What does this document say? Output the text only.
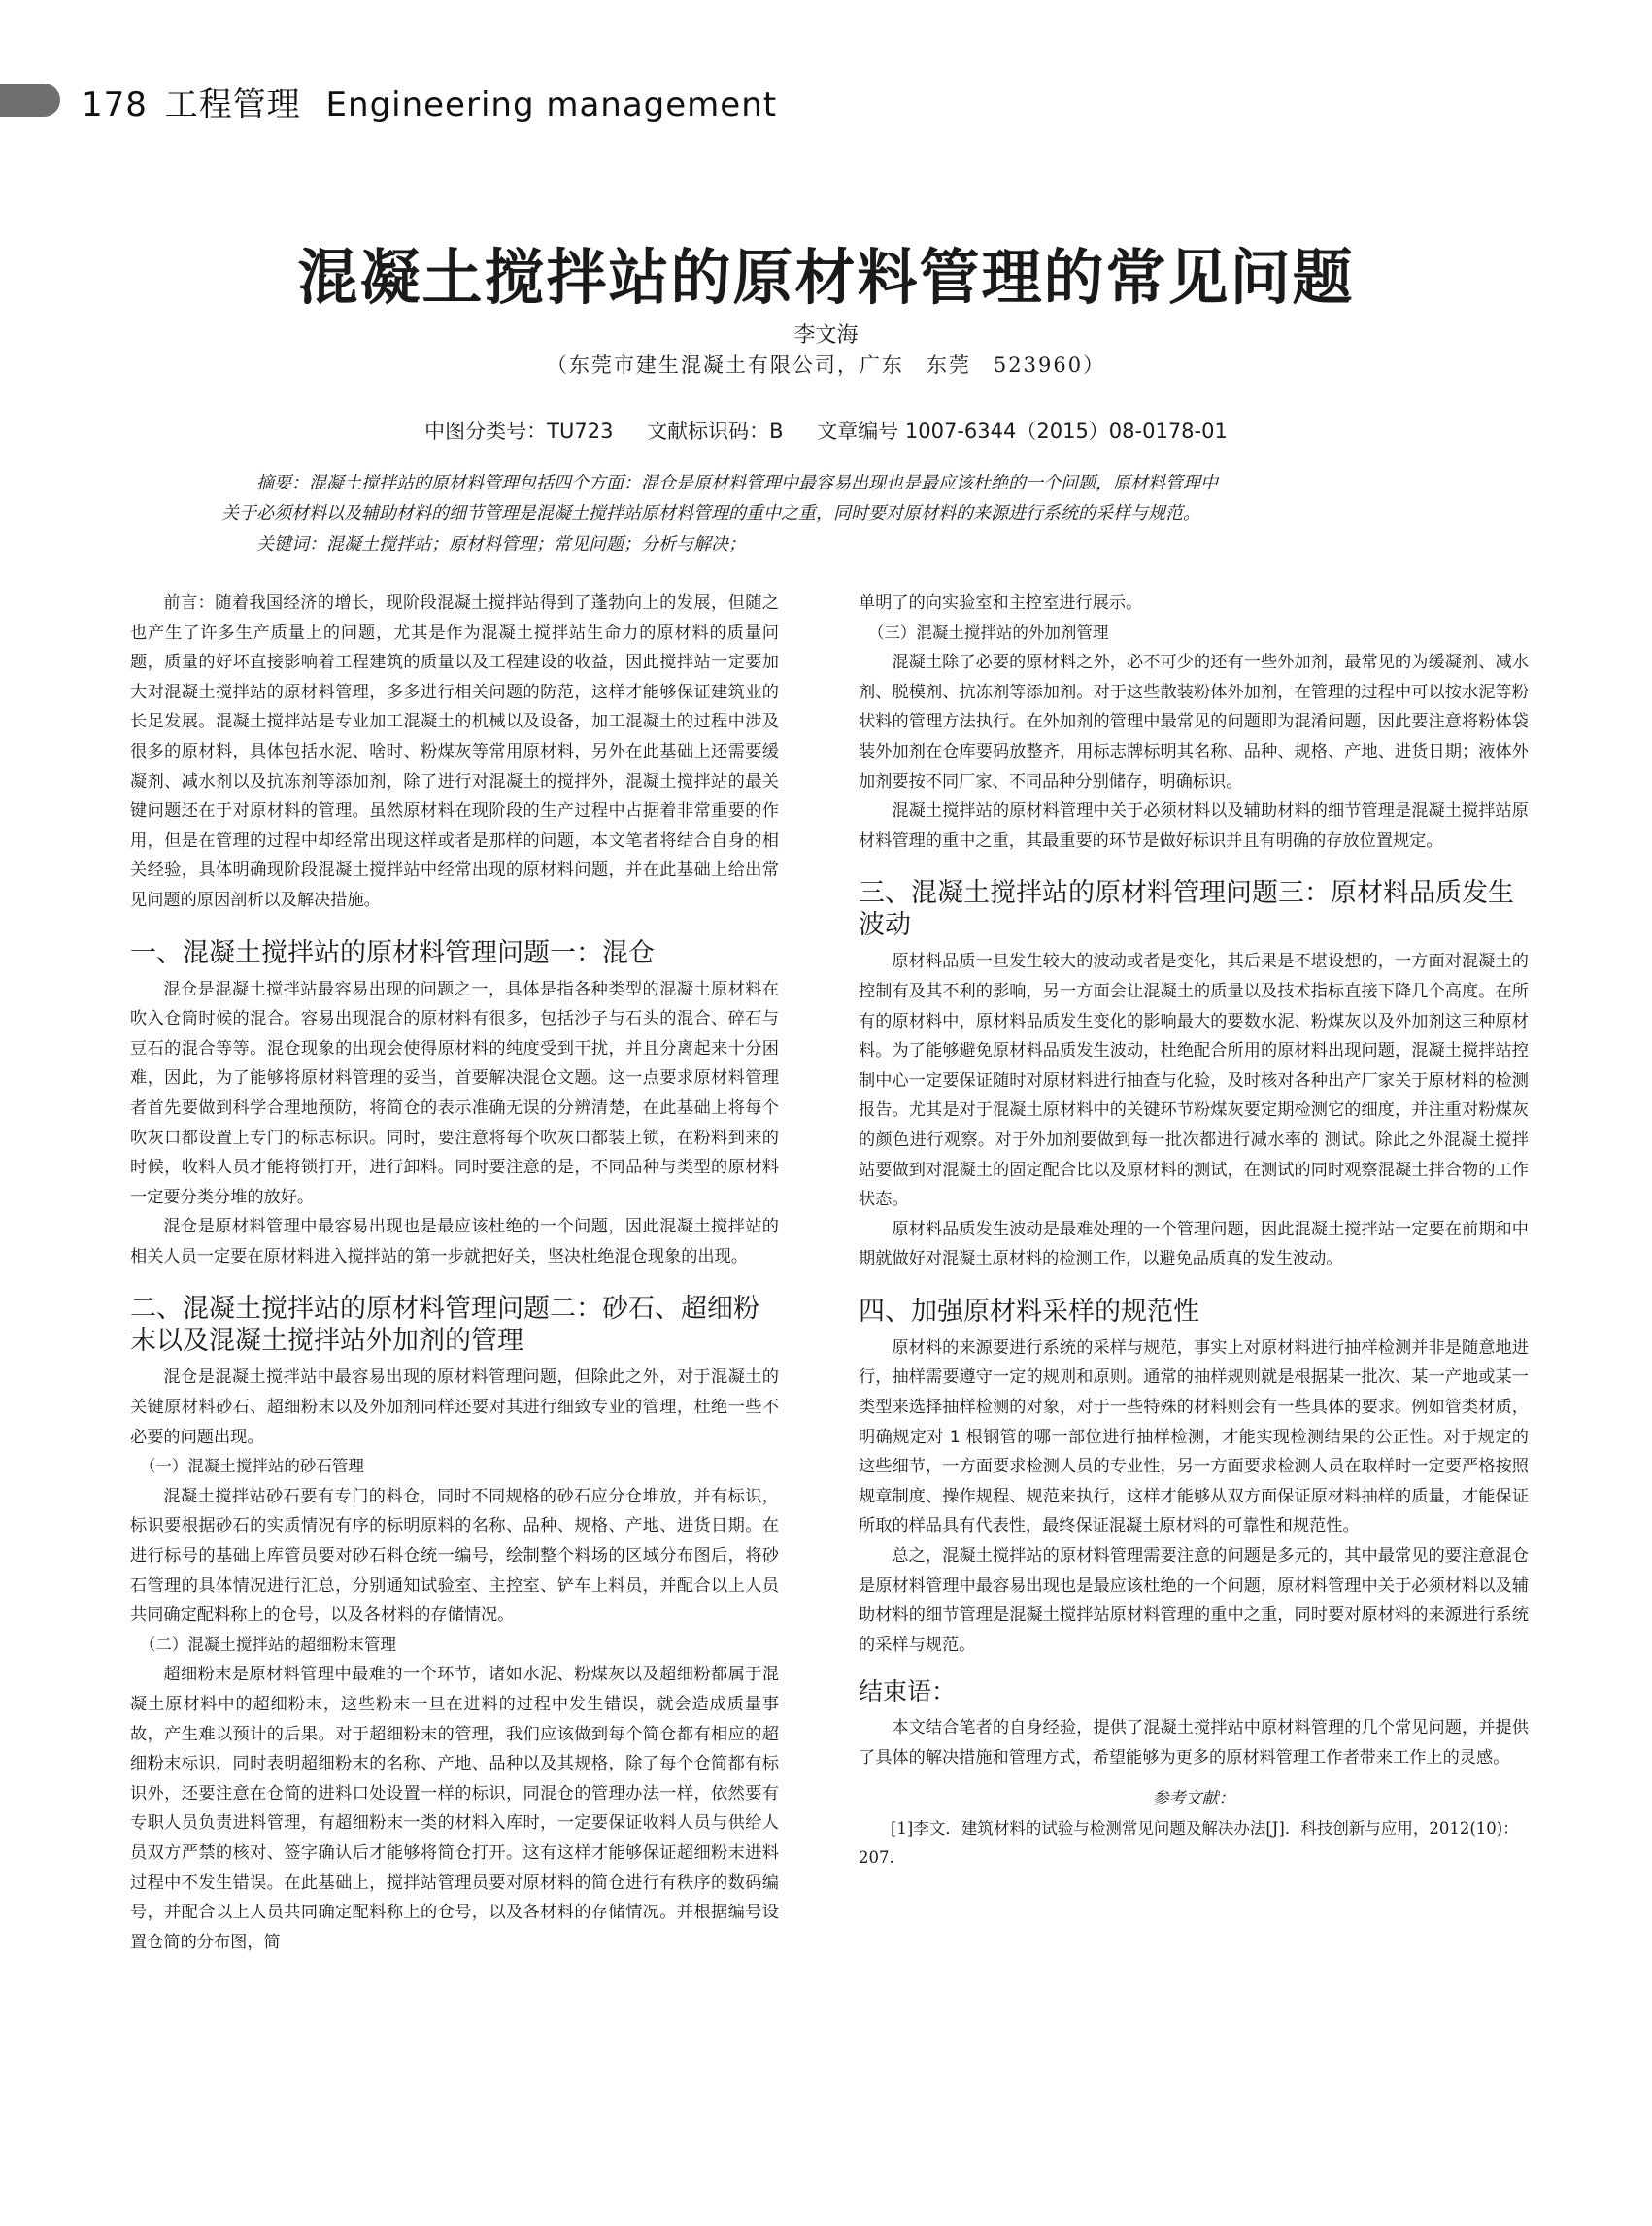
178 工程管理 Engineering management
混凝土搅拌站的原材料管理的常见问题
李文海
（东莞市建生混凝土有限公司，广东　东莞　523960）
中图分类号：TU723 文献标识码：B 文章编号 1007-6344（2015）08-0178-01
摘要：混凝土搅拌站的原材料管理包括四个方面：混仓是原材料管理中最容易出现也是最应该杜绝的一个问题，原材料管理中
关于必须材料以及辅助材料的细节管理是混凝土搅拌站原材料管理的重中之重，同时要对原材料的来源进行系统的采样与规范。
关键词：混凝土搅拌站；原材料管理；常见问题；分析与解决；

前言：随着我国经济的增长，现阶段混凝土搅拌站得到了蓬勃向上的发展，但随之也产生了许多生产质量上的问题，尤其是作为混凝土搅拌站生命力的原材料的质量问题，质量的好坏直接影响着工程建筑的质量以及工程建设的收益，因此搅拌站一定要加大对混凝土搅拌站的原材料管理，多多进行相关问题的防范，这样才能够保证建筑业的长足发展。混凝土搅拌站是专业加工混凝土的机械以及设备，加工混凝土的过程中涉及很多的原材料，具体包括水泥、啥时、粉煤灰等常用原材料，另外在此基础上还需要缓凝剂、减水剂以及抗冻剂等添加剂，除了进行对混凝土的搅拌外，混凝土搅拌站的最关键问题还在于对原材料的管理。虽然原材料在现阶段的生产过程中占据着非常重要的作用，但是在管理的过程中却经常出现这样或者是那样的问题，本文笔者将结合自身的相关经验，具体明确现阶段混凝土搅拌站中经常出现的原材料问题，并在此基础上给出常见问题的原因剖析以及解决措施。

一、混凝土搅拌站的原材料管理问题一：混仓

混仓是混凝土搅拌站最容易出现的问题之一，具体是指各种类型的混凝土原材料在吹入仓筒时候的混合。容易出现混合的原材料有很多，包括沙子与石头的混合、碎石与豆石的混合等等。混仓现象的出现会使得原材料的纯度受到干扰，并且分离起来十分困难，因此，为了能够将原材料管理的妥当，首要解决混仓文题。这一点要求原材料管理者首先要做到科学合理地预防，将简仓的表示准确无误的分辨清楚，在此基础上将每个吹灰口都设置上专门的标志标识。同时，要注意将每个吹灰口都装上锁，在粉料到来的时候，收料人员才能将锁打开，进行卸料。同时要注意的是，不同品种与类型的原材料一定要分类分堆的放好。

混仓是原材料管理中最容易出现也是最应该杜绝的一个问题，因此混凝土搅拌站的相关人员一定要在原材料进入搅拌站的第一步就把好关，坚决杜绝混仓现象的出现。

二、混凝土搅拌站的原材料管理问题二：砂石、超细粉末以及混凝土搅拌站外加剂的管理

混仓是混凝土搅拌站中最容易出现的原材料管理问题，但除此之外，对于混凝土的关键原材料砂石、超细粉末以及外加剂同样还要对其进行细致专业的管理，杜绝一些不必要的问题出现。

（一）混凝土搅拌站的砂石管理

混凝土搅拌站砂石要有专门的料仓，同时不同规格的砂石应分仓堆放，并有标识，标识要根据砂石的实质情况有序的标明原料的名称、品种、规格、产地、进货日期。在进行标号的基础上库管员要对砂石料仓统一编号，绘制整个料场的区域分布图后，将砂石管理的具体情况进行汇总，分别通知试验室、主控室、铲车上料员，并配合以上人员共同确定配料称上的仓号，以及各材料的存储情况。

（二）混凝土搅拌站的超细粉末管理

超细粉末是原材料管理中最难的一个环节，诸如水泥、粉煤灰以及超细粉都属于混凝土原材料中的超细粉末，这些粉末一旦在进料的过程中发生错误，就会造成质量事故，产生难以预计的后果。对于超细粉末的管理，我们应该做到每个简仓都有相应的超细粉末标识，同时表明超细粉末的名称、产地、品种以及其规格，除了每个仓简都有标识外，还要注意在仓简的进料口处设置一样的标识，同混仓的管理办法一样，依然要有专职人员负责进料管理，有超细粉末一类的材料入库时，一定要保证收料人员与供给人员双方严禁的核对、签字确认后才能够将简仓打开。这有这样才能够保证超细粉末进料过程中不发生错误。在此基础上，搅拌站管理员要对原材料的简仓进行有秩序的数码编号，并配合以上人员共同确定配料称上的仓号，以及各材料的存储情况。并根据编号设置仓简的分布图，简

单明了的向实验室和主控室进行展示。

（三）混凝土搅拌站的外加剂管理

混凝土除了必要的原材料之外，必不可少的还有一些外加剂，最常见的为缓凝剂、减水剂、脱模剂、抗冻剂等添加剂。对于这些散装粉体外加剂，在管理的过程中可以按水泥等粉状料的管理方法执行。在外加剂的管理中最常见的问题即为混淆问题，因此要注意将粉体袋装外加剂在仓库要码放整齐，用标志牌标明其名称、品种、规格、产地、进货日期；液体外加剂要按不同厂家、不同品种分别储存，明确标识。

混凝土搅拌站的原材料管理中关于必须材料以及辅助材料的细节管理是混凝土搅拌站原材料管理的重中之重，其最重要的环节是做好标识并且有明确的存放位置规定。

三、混凝土搅拌站的原材料管理问题三：原材料品质发生波动

原材料品质一旦发生较大的波动或者是变化，其后果是不堪设想的，一方面对混凝土的控制有及其不利的影响，另一方面会让混凝土的质量以及技术指标直接下降几个高度。在所有的原材料中，原材料品质发生变化的影响最大的要数水泥、粉煤灰以及外加剂这三种原材料。为了能够避免原材料品质发生波动，杜绝配合所用的原材料出现问题，混凝土搅拌站控制中心一定要保证随时对原材料进行抽查与化验，及时核对各种出产厂家关于原材料的检测报告。尤其是对于混凝土原材料中的关键环节粉煤灰要定期检测它的细度，并注重对粉煤灰的颜色进行观察。对于外加剂要做到每一批次都进行减水率的 测试。除此之外混凝土搅拌站要做到对混凝土的固定配合比以及原材料的测试，在测试的同时观察混凝土拌合物的工作状态。

原材料品质发生波动是最难处理的一个管理问题，因此混凝土搅拌站一定要在前期和中期就做好对混凝土原材料的检测工作，以避免品质真的发生波动。

四、加强原材料采样的规范性

原材料的来源要进行系统的采样与规范，事实上对原材料进行抽样检测并非是随意地进行，抽样需要遵守一定的规则和原则。通常的抽样规则就是根据某一批次、某一产地或某一类型来选择抽样检测的对象，对于一些特殊的材料则会有一些具体的要求。例如管类材质，明确规定对 1 根钢管的哪一部位进行抽样检测，才能实现检测结果的公正性。对于规定的这些细节，一方面要求检测人员的专业性，另一方面要求检测人员在取样时一定要严格按照规章制度、操作规程、规范来执行，这样才能够从双方面保证原材料抽样的质量，才能保证所取的样品具有代表性，最终保证混凝土原材料的可靠性和规范性。

总之，混凝土搅拌站的原材料管理需要注意的问题是多元的，其中最常见的要注意混仓是原材料管理中最容易出现也是最应该杜绝的一个问题，原材料管理中关于必须材料以及辅助材料的细节管理是混凝土搅拌站原材料管理的重中之重，同时要对原材料的来源进行系统的采样与规范。

结束语：

本文结合笔者的自身经验，提供了混凝土搅拌站中原材料管理的几个常见问题，并提供了具体的解决措施和管理方式，希望能够为更多的原材料管理工作者带来工作上的灵感。

参考文献：
[1]李文．建筑材料的试验与检测常见问题及解决办法[J]．科技创新与应用，2012(10)：207.
